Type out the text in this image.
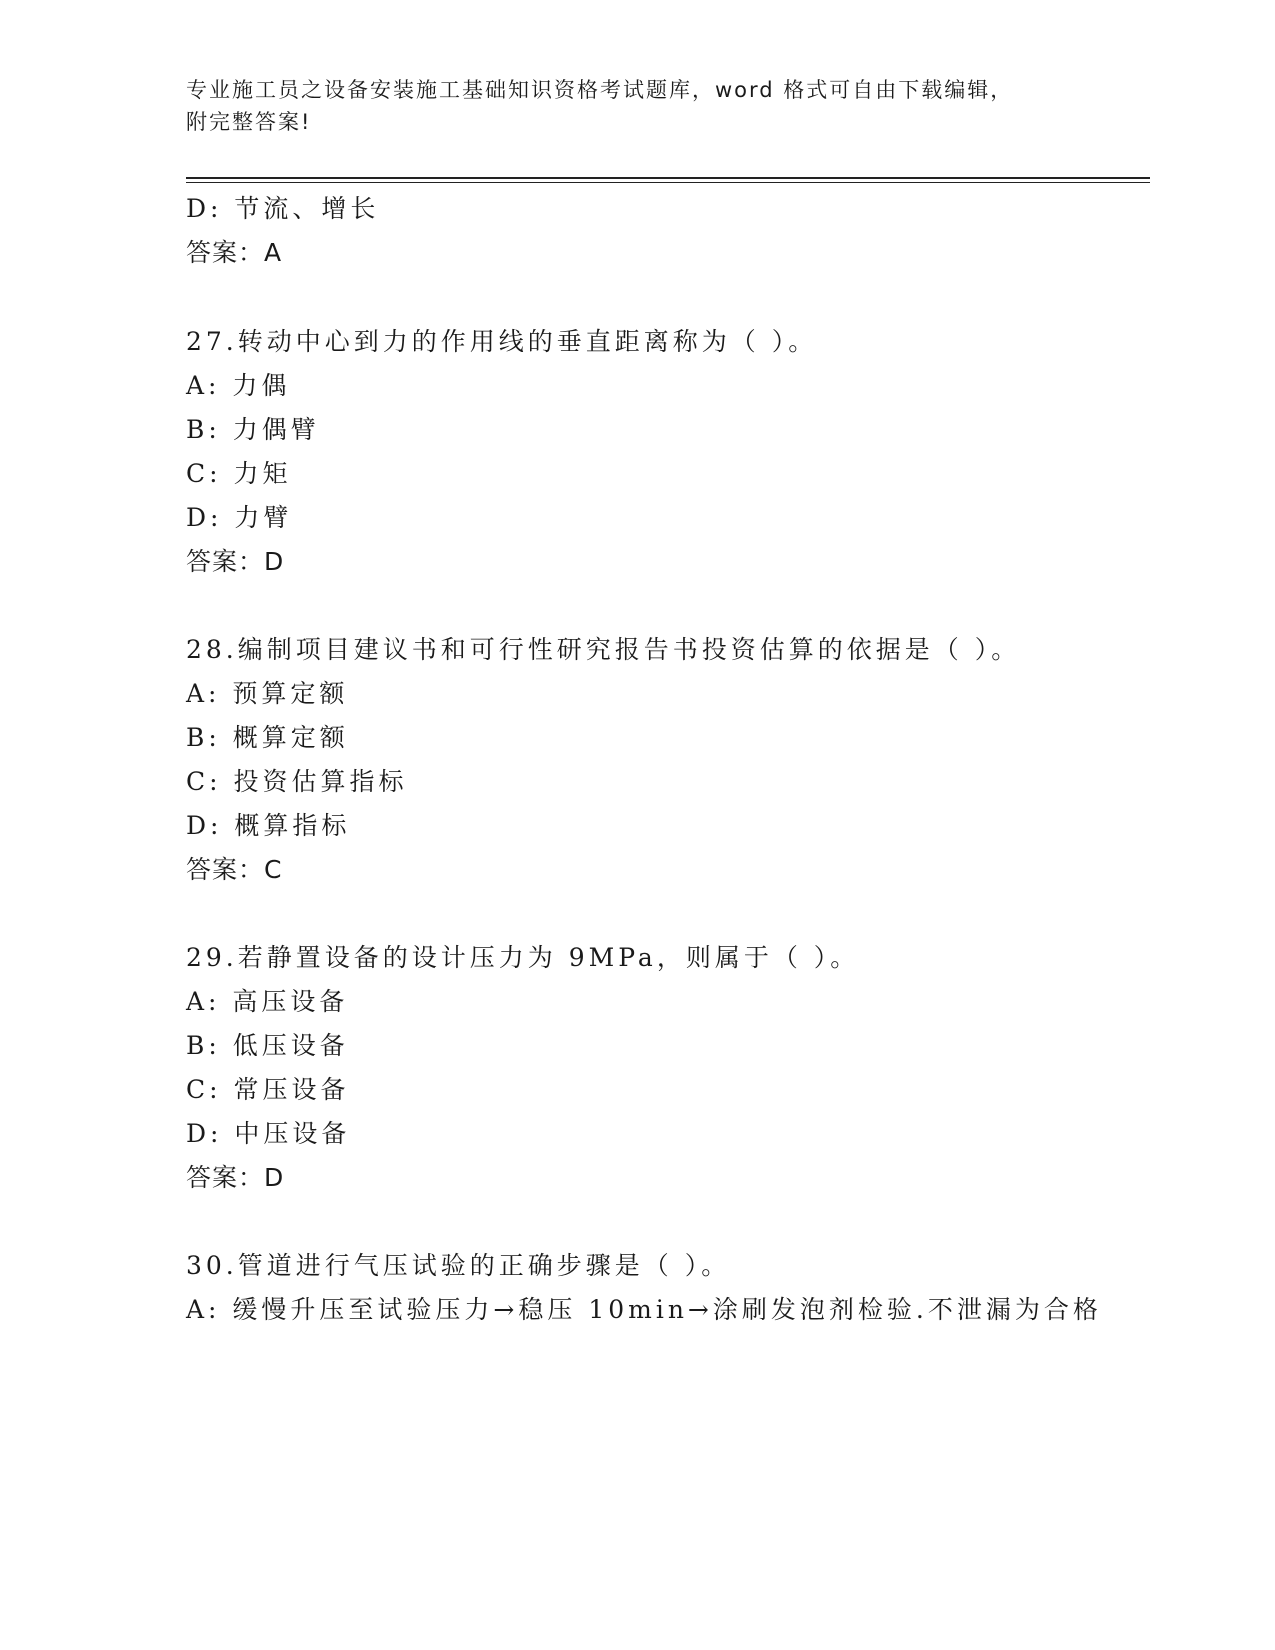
专业施工员之设备安装施工基础知识资格考试题库，word 格式可自由下载编辑，
附完整答案!
D: 节流、增长
答案：A
27.转动中心到力的作用线的垂直距离称为（ ）。
A: 力偶
B: 力偶臂
C: 力矩
D: 力臂
答案：D
28.编制项目建议书和可行性研究报告书投资估算的依据是（ ）。
A: 预算定额
B: 概算定额
C: 投资估算指标
D: 概算指标
答案：C
29.若静置设备的设计压力为 9MPa，则属于（ ）。
A: 高压设备
B: 低压设备
C: 常压设备
D: 中压设备
答案：D
30.管道进行气压试验的正确步骤是（ ）。
A: 缓慢升压至试验压力→稳压 10min→涂刷发泡剂检验.不泄漏为合格
